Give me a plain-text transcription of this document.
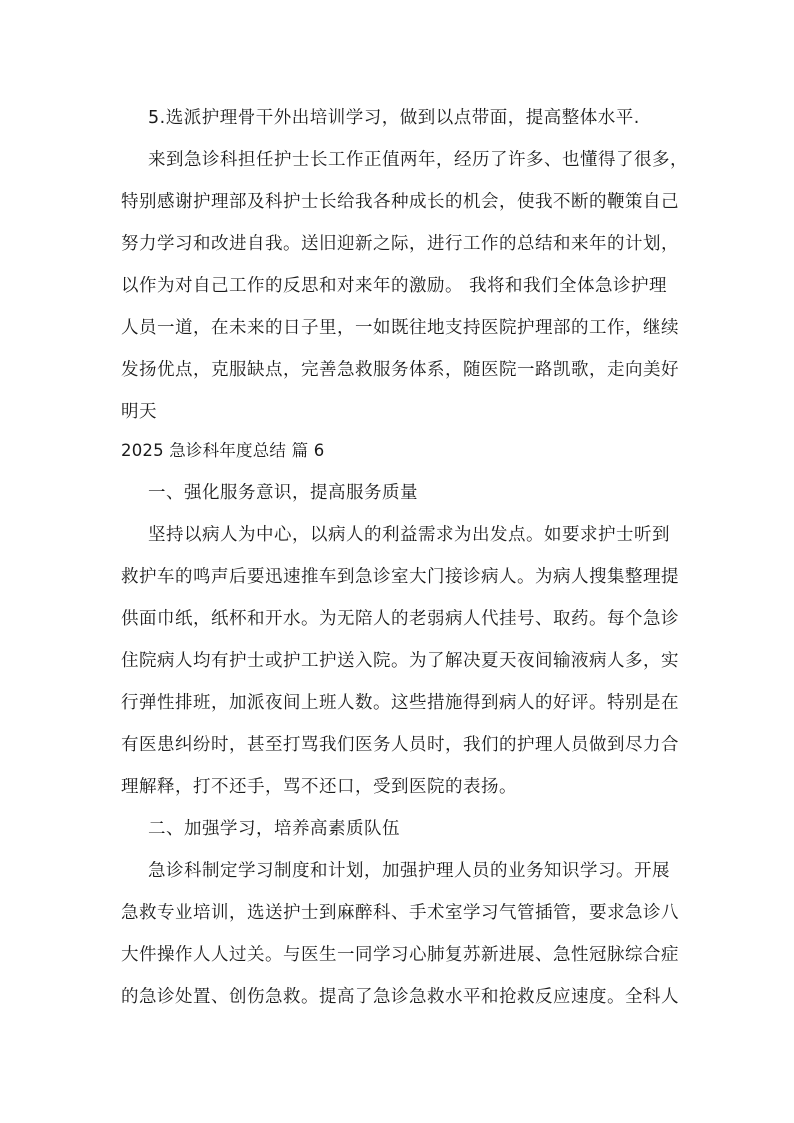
5.选派护理骨干外出培训学习，做到以点带面，提高整体水平.
来到急诊科担任护士长工作正值两年，经历了许多、也懂得了很多，
特别感谢护理部及科护士长给我各种成长的机会，使我不断的鞭策自己
努力学习和改进自我。送旧迎新之际，进行工作的总结和来年的计划，
以作为对自己工作的反思和对来年的激励。 我将和我们全体急诊护理
人员一道，在未来的日子里，一如既往地支持医院护理部的工作，继续
发扬优点，克服缺点，完善急救服务体系，随医院一路凯歌，走向美好
明天
2025 急诊科年度总结 篇 6
一、强化服务意识，提高服务质量
坚持以病人为中心，以病人的利益需求为出发点。如要求护士听到
救护车的鸣声后要迅速推车到急诊室大门接诊病人。为病人搜集整理提
供面巾纸，纸杯和开水。为无陪人的老弱病人代挂号、取药。每个急诊
住院病人均有护士或护工护送入院。为了解决夏天夜间输液病人多，实
行弹性排班，加派夜间上班人数。这些措施得到病人的好评。特别是在
有医患纠纷时，甚至打骂我们医务人员时，我们的护理人员做到尽力合
理解释，打不还手，骂不还口，受到医院的表扬。
二、加强学习，培养高素质队伍
急诊科制定学习制度和计划，加强护理人员的业务知识学习。开展
急救专业培训，选送护士到麻醉科、手术室学习气管插管，要求急诊八
大件操作人人过关。与医生一同学习心肺复苏新进展、急性冠脉综合症
的急诊处置、创伤急救。提高了急诊急救水平和抢救反应速度。全科人
